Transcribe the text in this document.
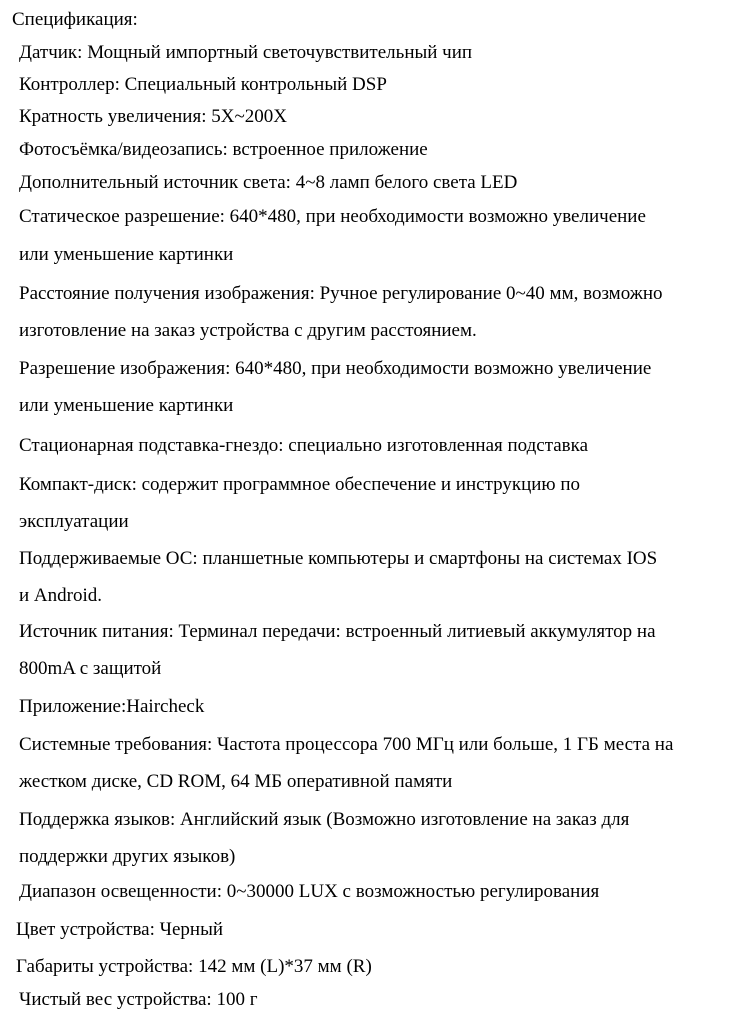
Спецификация:
Датчик: Мощный импортный светочувствительный чип
Контроллер: Специальный контрольный DSP
Кратность увеличения: 5X~200X
Фотосъёмка/видеозапись: встроенное приложение
Дополнительный источник света: 4~8 ламп белого света LED
Статическое разрешение: 640*480, при необходимости возможно увеличение
или уменьшение картинки
Расстояние получения изображения: Ручное регулирование 0~40 мм, возможно
изготовление на заказ устройства с другим расстоянием.
Разрешение изображения: 640*480, при необходимости возможно увеличение
или уменьшение картинки
Стационарная подставка-гнездо: специально изготовленная подставка
Компакт-диск: содержит программное обеспечение и инструкцию по
эксплуатации
Поддерживаемые ОС: планшетные компьютеры и смартфоны на системах IOS
и Android.
Источник питания: Терминал передачи: встроенный литиевый аккумулятор на
800mA с защитой
Приложение:Haircheck
Системные требования: Частота процессора 700 МГц или больше, 1 ГБ места на
жестком диске, CD ROM, 64 МБ оперативной памяти
Поддержка языков: Английский язык (Возможно изготовление на заказ для
поддержки других языков)
Диапазон освещенности: 0~30000 LUX с возможностью регулирования
Цвет устройства: Черный
Габариты устройства: 142 мм (L)*37 мм (R)
Чистый вес устройства: 100 г
